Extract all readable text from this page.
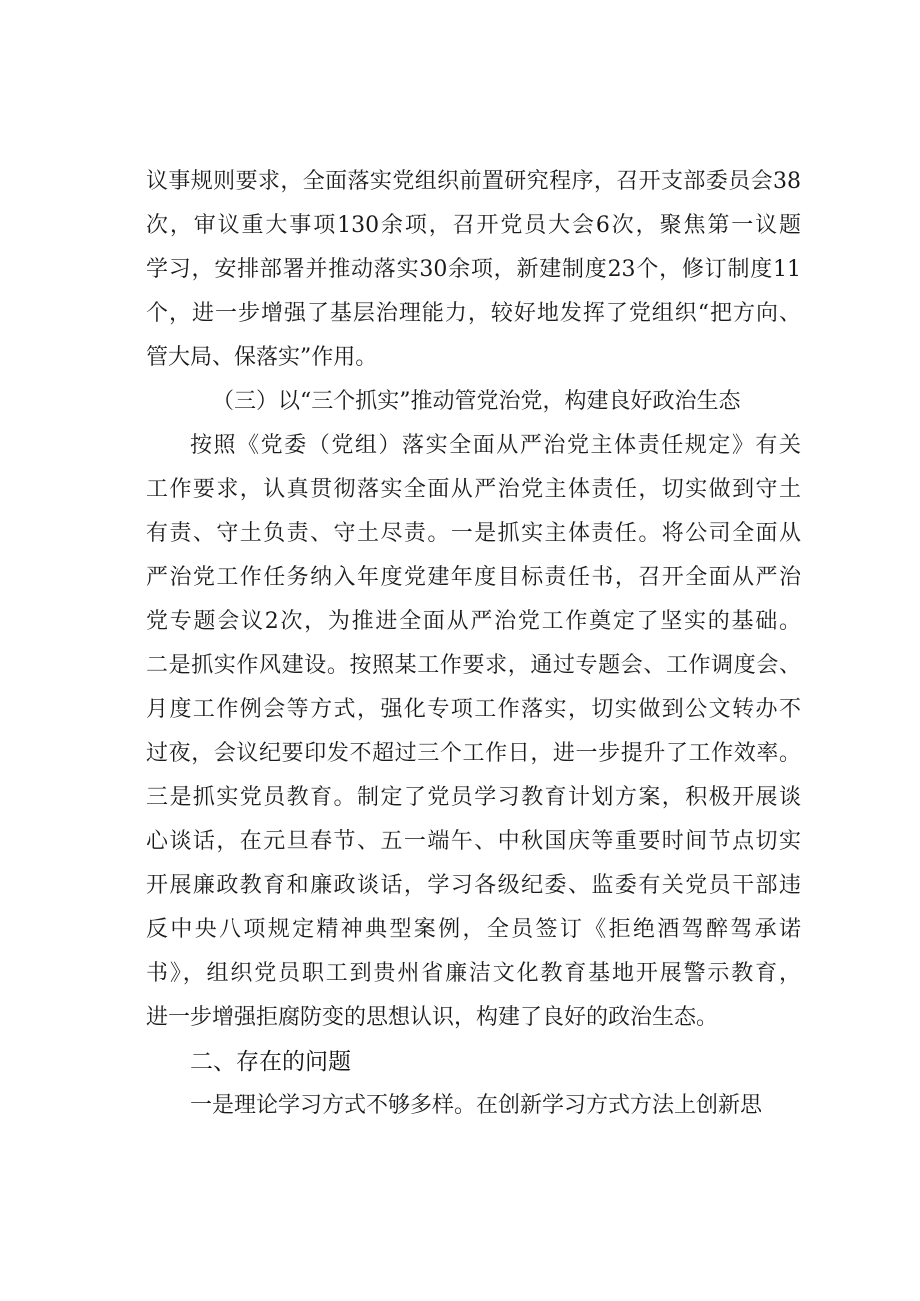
议事规则要求，全面落实党组织前置研究程序，召开支部委员会38
次，审议重大事项130余项，召开党员大会6次，聚焦第一议题
学习，安排部署并推动落实30余项，新建制度23个，修订制度11
个，进一步增强了基层治理能力，较好地发挥了党组织“把方向、
管大局、保落实”作用。
（三）以“三个抓实”推动管党治党，构建良好政治生态
按照《党委（党组）落实全面从严治党主体责任规定》有关
工作要求，认真贯彻落实全面从严治党主体责任，切实做到守土
有责、守土负责、守土尽责。一是抓实主体责任。将公司全面从
严治党工作任务纳入年度党建年度目标责任书，召开全面从严治
党专题会议2次，为推进全面从严治党工作奠定了坚实的基础。
二是抓实作风建设。按照某工作要求，通过专题会、工作调度会、
月度工作例会等方式，强化专项工作落实，切实做到公文转办不
过夜，会议纪要印发不超过三个工作日，进一步提升了工作效率。
三是抓实党员教育。制定了党员学习教育计划方案，积极开展谈
心谈话，在元旦春节、五一端午、中秋国庆等重要时间节点切实
开展廉政教育和廉政谈话，学习各级纪委、监委有关党员干部违
反中央八项规定精神典型案例，全员签订《拒绝酒驾醉驾承诺
书》，组织党员职工到贵州省廉洁文化教育基地开展警示教育，
进一步增强拒腐防变的思想认识，构建了良好的政治生态。
二、存在的问题
一是理论学习方式不够多样。在创新学习方式方法上创新思
